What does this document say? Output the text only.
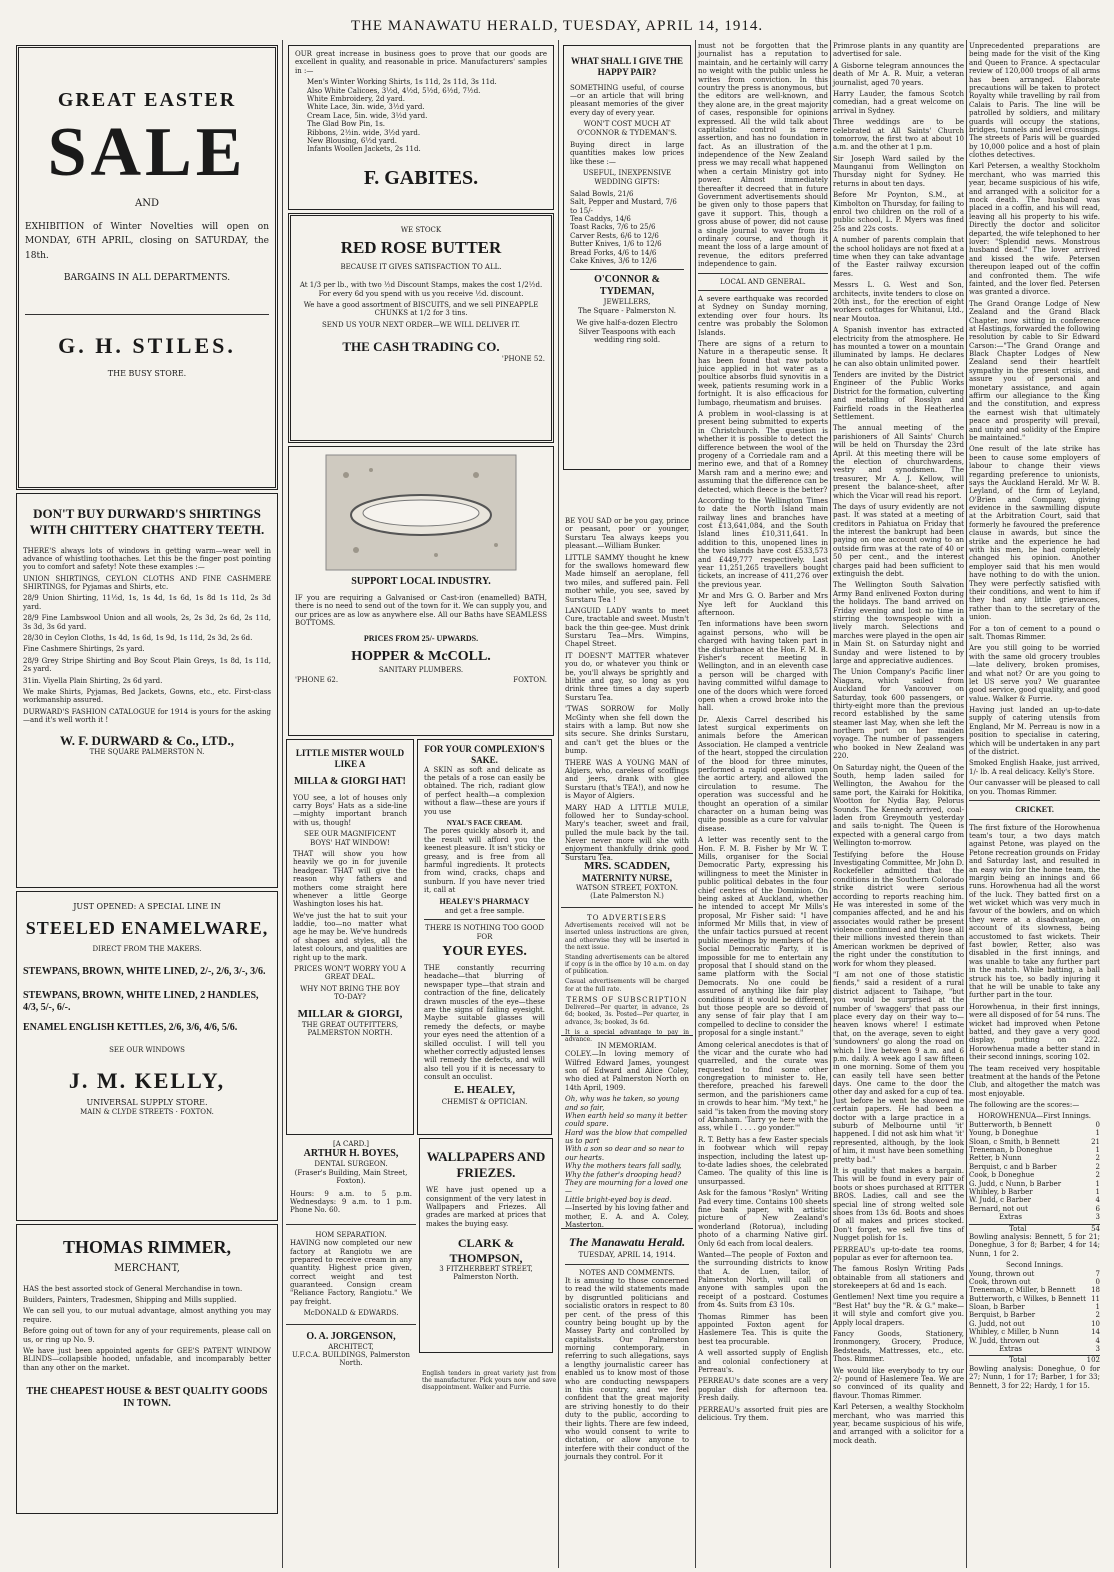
THE MANAWATU HERALD, TUESDAY, APRIL 14, 1914.
GREAT EASTER
SALE
AND

EXHIBITION of Winter Novelties will open on MONDAY, 6TH APRIL, closing on SATURDAY, the 18th.

BARGAINS IN ALL DEPARTMENTS.
G. H. STILES.
THE BUSY STORE.
DON'T BUY DURWARD'S SHIRTINGS WITH CHITTERY CHATTERY TEETH.

THERE'S always lots of windows in getting warm—wear well in advance of whistling toothaches. Let this be the finger post pointing you to comfort and safety! Note these examples :—

UNION SHIRTINGS, CEYLON CLOTHS AND FINE CASHMERE SHIRTINGS, for Pyjamas and Shirts, etc.

28/9 Union Shirting, 11½d, 1s, 1s 4d, 1s 6d, 1s 8d 1s 11d, 2s 3d yard.

28/9 Fine Lambswool Union and all wools, 2s, 2s 3d, 2s 6d, 2s 11d, 3s 3d, 3s 6d yard.

28/30 in Ceylon Cloths, 1s 4d, 1s 6d, 1s 9d, 1s 11d, 2s 3d, 2s 6d.

Fine Cashmere Shirtings, 2s yard.

28/9 Grey Stripe Shirting and Boy Scout Plain Greys, 1s 8d, 1s 11d, 2s yard.

31in. Viyella Plain Shirting, 2s 6d yard.

We make Shirts, Pyjamas, Bed Jackets, Gowns, etc., etc. First-class workmanship assured.

DURWARD'S FASHION CATALOGUE for 1914 is yours for the asking—and it's well worth it !

W. F. DURWARD & Co., LTD.,
THE SQUARE PALMERSTON N.
JUST OPENED: A SPECIAL LINE IN
STEELED ENAMELWARE,
DIRECT FROM THE MAKERS.
STEWPANS, BROWN, WHITE LINED, 2/-, 2/6, 3/-, 3/6.
STEWPANS, BROWN, WHITE LINED, 2 HANDLES, 4/3, 5/-, 6/-.
ENAMEL ENGLISH KETTLES, 2/6, 3/6, 4/6, 5/6.
SEE OUR WINDOWS
J. M. KELLY,
UNIVERSAL SUPPLY STORE.
MAIN & CLYDE STREETS · FOXTON.
THOMAS RIMMER,
MERCHANT,

HAS the best assorted stock of General Merchandise in town.

Builders, Painters, Tradesmen, Shipping and Mills supplied.

We can sell you, to our mutual advantage, almost anything you may require.

Before going out of town for any of your requirements, please call on us, or ring up No. 9.

We have just been appointed agents for GEE'S PATENT WINDOW BLINDS—collapsible hooded, unfadable, and incomparably better than any other on the market.

THE CHEAPEST HOUSE & BEST QUALITY GOODS IN TOWN.

OUR great increase in business goes to prove that our goods are excellent in quality, and reasonable in price. Manufacturers' samples in :—

Men's Winter Working Shirts, 1s 11d, 2s 11d, 3s 11d.
Also White Calicoes, 3½d, 4½d, 5½d, 6½d, 7½d.
White Embroidery, 2d yard.
White Lace, 3in. wide, 3½d yard.
Cream Lace, 5in. wide, 3½d yard.
The Glad Bow Pin, 1s.
Ribbons, 2½in. wide, 3½d yard.
New Blousing, 6½d yard.
Infants Woollen Jackets, 2s 11d.
F. GABITES.
WE STOCK
RED ROSE BUTTER
BECAUSE IT GIVES SATISFACTION TO ALL.

At 1/3 per lb., with two ½d Discount Stamps, makes the cost 1/2½d. For every 6d you spend with us you receive ½d. discount.

We have a good assortment of BISCUITS, and we sell PINEAPPLE CHUNKS at 1/2 for 3 tins.

SEND US YOUR NEXT ORDER—WE WILL DELIVER IT.

THE CASH TRADING CO.
'PHONE 52.
SUPPORT LOCAL INDUSTRY.

IF you are requiring a Galvanised or Cast-iron (enamelled) BATH, there is no need to send out of the town for it. We can supply you, and our prices are as low as anywhere else. All our Baths have SEAMLESS BOTTOMS.

PRICES FROM 25/- UPWARDS.
HOPPER & McCOLL.
SANITARY PLUMBERS.
'PHONE 62.	FOXTON.
LITTLE MISTER WOULD LIKE A
MILLA & GIORGI HAT!

YOU see, a lot of houses only carry Boys' Hats as a side-line—mighty important branch with us, though!

SEE OUR MAGNIFICENT BOYS' HAT WINDOW!

THAT will show you how heavily we go in for juvenile headgear. THAT will give the reason why fathers and mothers come straight here whenever a little George Washington loses his hat.

We've just the hat to suit your laddie, too—no matter what age he may be. We've hundreds of shapes and styles, all the latest colours, and qualities are right up to the mark.

PRICES WON'T WORRY YOU A GREAT DEAL.

WHY NOT BRING THE BOY TO-DAY?

MILLAR & GIORGI,
THE GREAT OUTFITTERS,
PALMERSTON NORTH.
FOR YOUR COMPLEXION'S SAKE.

A SKIN as soft and delicate as the petals of a rose can easily be obtained. The rich, radiant glow of perfect health—a complexion without a flaw—these are yours if you use

NYAL'S FACE CREAM.

The pores quickly absorb it, and the result will afford you the keenest pleasure. It isn't sticky or greasy, and is free from all harmful ingredients. It protects from wind, cracks, chaps and sunburn. If you have never tried it, call at

HEALEY'S PHARMACY
and get a free sample.
THERE IS NOTHING TOO GOOD FOR
YOUR EYES.

THE constantly recurring headache—that blurring of newspaper type—that strain and contraction of the fine, delicately drawn muscles of the eye—these are the signs of failing eyesight. Maybe suitable glasses will remedy the defects, or maybe your eyes need the attention of a skilled occulist. I will tell you whether correctly adjusted lenses will remedy the defects, and will also tell you if it is necessary to consult an occulist.

E. HEALEY,
CHEMIST & OPTICIAN.
[A CARD.]
ARTHUR H. BOYES,
DENTAL SURGEON.
(Fraser's Building, Main Street, Foxton).

Hours: 9 a.m. to 5 p.m. Wednesdays: 9 a.m. to 1 p.m. Phone No. 60.

HOM SEPARATION.

HAVING now completed our new factory at Rangiotu we are prepared to receive cream in any quantity. Highest price given, correct weight and test guaranteed. Consign cream "Reliance Factory, Rangiotu." We pay freight.

McDONALD & EDWARDS.
O. A. JORGENSON,
ARCHITECT,
U.F.C.A. BUILDINGS, Palmerston North.
WALLPAPERS AND FRIEZES.

WE have just opened up a consignment of the very latest in Wallpapers and Friezes. All grades are marked at prices that makes the buying easy.

CLARK & THOMPSON,
3 FITZHERBERT STREET, Palmerston North.

English tenders in great variety just from the manufacturer. Pick yours now and save disappointment. Walker and Furrie.

WHAT SHALL I GIVE THE HAPPY PAIR?

SOMETHING useful, of course—or an article that will bring pleasant memories of the giver every day of every year.

WON'T COST MUCH AT O'CONNOR & TYDEMAN'S.

Buying direct in large quantities makes low prices like these :—

USEFUL, INEXPENSIVE WEDDING GIFTS:
Salad Bowls, 21/6
Salt, Pepper and Mustard, 7/6 to 15/-
Tea Caddys, 14/6
Toast Racks, 7/6 to 25/6
Carver Rests, 6/6 to 12/6
Butter Knives, 1/6 to 12/6
Bread Forks, 4/6 to 14/6
Cake Knives, 3/6 to 12/6
O'CONNOR & TYDEMAN,
JEWELLERS,
The Square - Palmerston N.

We give half-a-dozen Electro Silver Teaspoons with each wedding ring sold.

BE YOU SAD or be you gay, prince or peasant, poor or younger, Surstaru Tea always keeps you pleasant.—William Bunker.

LITTLE SAMMY thought he knew for the swallows homeward flew Made himself an aeroplane, fell two miles, and suffered pain. Fell mother while, you see, saved by Surstaru Tea !

LANGUID LADY wants to meet Cure, tractable and sweet. Mustn't back the thin gee-gee. Must drink Surstaru Tea—Mrs. Wimpins, Chapel Street.

IT DOESN'T MATTER whatever you do, or whatever you think or be, you'll always be sprightly and blithe and gay, so long as you drink three times a day superb Surstaru Tea.

'TWAS SORROW for Molly McGinty when she fell down the stairs with a lamp. But now she sits secure. She drinks Surstaru, and can't get the blues or the bump.

THERE WAS A YOUNG MAN of Algiers, who, careless of scoffings and jeers, drank with glee Surstaru (that's TEA!), and now he is Mayor of Algiers.

MARY HAD A LITTLE MULE, followed her to Sunday-school. Mary's teacher, sweet and frail, pulled the mule back by the tail. Never never more will she with enjoyment thankfully drink good Surstaru Tea.

MRS. SCADDEN,
MATERNITY NURSE,
WATSON STREET, FOXTON.
(Late Palmerston N.)
TO ADVERTISERS

Advertisements received will not be inserted unless instructions are given, and otherwise they will be inserted in the next issue.

Standing advertisements can be altered if copy is in the office by 10 a.m. on day of publication.

Casual advertisements will be charged for at the full rate.

TERMS OF SUBSCRIPTION

Delivered—Per quarter, in advance, 2s 6d; booked, 3s. Posted—Per quarter, in advance, 3s; booked, 3s 6d.

It is a special advantage to pay in advance.

IN MEMORIAM.

COLEY.—In loving memory of Wilfred Edward James, youngest son of Edward and Alice Coley, who died at Palmerston North on 14th April, 1909.

Oh, why was he taken, so young and so fair,
When earth held so many it better could spare.
Hard was the blow that compelled us to part
With a son so dear and so near to our hearts.
Why the mothers tears fall sadly,
Why the father's drooping head?
They are mourning for a loved one—
Little bright-eyed boy is dead.

—Inserted by his loving father and mother, E. A. and A. Coley, Masterton.

The Manawatu Herald.
TUESDAY, APRIL 14, 1914.
NOTES AND COMMENTS.

It is amusing to those concerned to read the wild statements made by disgruntled politicians and socialistic orators in respect to 80 per cent. of the press of this country being bought up by the Massey Party and controlled by capitalists. Our Palmerston morning contemporary, in referring to such allegations, says a lengthy journalistic career has enabled us to know most of those who are conducting newspapers in this country, and we feel confident that the great majority are striving honestly to do their duty to the public, according to their lights. There are few indeed, who would consent to write to dictation, or allow anyone to interfere with their conduct of the journals they control. For it

must not be forgotten that the journalist has a reputation to maintain, and he certainly will carry no weight with the public unless he writes from conviction. In this country the press is anonymous, but the editors are well-known, and they alone are, in the great majority of cases, responsible for opinions expressed. All the wild talk about capitalistic control is mere assertion, and has no foundation in fact. As an illustration of the independence of the New Zealand press we may recall what happened when a certain Ministry got into power. Almost immediately thereafter it decreed that in future Government advertisements should be given only to those papers that gave it support. This, though a gross abuse of power, did not cause a single journal to waver from its ordinary course, and though it meant the loss of a large amount of revenue, the editors preferred independence to gain.

LOCAL AND GENERAL.

A severe earthquake was recorded at Sydney on Sunday morning, extending over four hours. Its centre was probably the Solomon Islands.

There are signs of a return to Nature in a therapeutic sense. It has been found that raw potato juice applied in hot water as a poultice absorbs fluid synovitis in a week, patients resuming work in a fortnight. It is also efficacious for lumbago, rheumatism and bruises.

A problem in wool-classing is at present being submitted to experts in Christchurch. The question is whether it is possible to detect the difference between the wool of the progeny of a Corriedale ram and a merino ewe, and that of a Romney Marsh ram and a merino ewe; and assuming that the difference can be detected, which fleece is the better?

According to the Wellington Times to date the North Island main railway lines and branches have cost £13,641,084, and the South Island lines £10,311,641. In addition to this, unopened lines in the two islands have cost £533,573 and £449,777 respectively. Last year 11,251,265 travellers bought tickets, an increase of 411,276 over the previous year.

Mr and Mrs G. O. Barber and Mrs Nye left for Auckland this afternoon.

Ten informations have been sworn against persons, who will be charged with having taken part in the disturbance at the Hon. F. M. B. Fisher's recent meeting in Wellington, and in an eleventh case a person will be charged with having committed wilful damage to one of the doors which were forced open when a crowd broke into the hall.

Dr. Alexis Carrel described his latest surgical experiments on animals before the American Association. He clamped a ventricle of the heart, stopped the circulation of the blood for three minutes, performed a rapid operation upon the aortic artery, and allowed the circulation to resume. The operation was successful and he thought an operation of a similar character on a human being was quite possible as a cure for valvular disease.

A letter was recently sent to the Hon. F. M. B. Fisher by Mr W. T. Mills, organiser for the Social Democratic Party, expressing his willingness to meet the Minister in public political debates in the four chief centres of the Dominion. On being asked at Auckland, whether he intended to accept Mr Mills's proposal, Mr Fisher said: "I have informed Mr Mills that, in view of the unfair tactics pursued at recent public meetings by members of the Social Democratic Party, it is impossible for me to entertain any proposal that I should stand on the same platform with the Social Democrats. No one could be assured of anything like fair play conditions if it would be different, but those people are so devoid of any sense of fair play that I am compelled to decline to consider the proposal for a single instant."

Among celerical anecdotes is that of the vicar and the curate who had quarrelled, and the curate was requested to find some other congregation to minister to. He, therefore, preached his farewell sermon, and the parishioners came in crowds to hear him. "My text," he said "is taken from the moving story of Abraham. 'Tarry ye here with the ass, while I . . . . go yonder.'"

R. T. Betty has a few Easter specials in footwear which will repay inspection, including the latest up-to-date ladies shoes, the celebrated Cameo. The quality of this line is unsurpassed.

Ask for the famous "Roslyn" Writing Pad every time. Contains 100 sheets fine bank paper, with artistic picture of New Zealand's wonderland (Rotorua), including photo of a charming Native girl. Only 6d each from local dealers.

Wanted—The people of Foxton and the surrounding districts to know that A. de Luen, tailor, of Palmerston North, will call on anyone with samples upon the receipt of a postcard. Costumes from 4s. Suits from £3 10s.

Thomas Rimmer has been appointed Foxton agent for Haslemere Tea. This is quite the best tea procurable.

A well assorted supply of English and colonial confectionery at Perreau's.

PERREAU's date scones are a very popular dish for afternoon tea. Fresh daily.

PERREAU's assorted fruit pies are delicious. Try them.

Primrose plants in any quantity are advertised for sale.

A Gisborne telegram announces the death of Mr A. R. Muir, a veteran journalist, aged 70 years.

Harry Lauder, the famous Scotch comedian, had a great welcome on arrival in Sydney.

Three weddings are to be celebrated at All Saints' Church tomorrow, the first two at about 10 a.m. and the other at 1 p.m.

Sir Joseph Ward sailed by the Maunganui from Wellington on Thursday night for Sydney. He returns in about ten days.

Before Mr Poynton, S.M., at Kimbolton on Thursday, for failing to enrol two children on the roll of a public school, L. P. Myers was fined 25s and 22s costs.

A number of parents complain that the school holidays are not fixed at a time when they can take advantage of the Easter railway excursion fares.

Messrs L. G. West and Son, architects, invite tenders to close on 20th inst., for the erection of eight workers cottages for Whitanui, Ltd., near Moutoa.

A Spanish inventor has extracted electricity from the atmosphere. He has mounted a tower on a mountain illuminated by lamps. He declares he can also obtain unlimited power.

Tenders are invited by the District Engineer of the Public Works District for the formation, culverting and metalling of Rosslyn and Fairfield roads in the Heatherlea Settlement.

The annual meeting of the parishioners of All Saints' Church will be held on Thursday the 23rd April. At this meeting there will be the election of churchwardens, vestry and synodsmen. The treasurer, Mr A. J. Kellow, will present the balance-sheet, after which the Vicar will read his report.

The days of usury evidently are not past. It was stated at a meeting of creditors in Pahiatua on Friday that the interest the bankrupt had been paying on one account owing to an outside firm was at the rate of 40 or 50 per cent., and the interest charges paid had been sufficient to extinguish the debt.

The Wellington South Salvation Army Band enlivened Foxton during the holidays. The band arrived on Friday evening and lost no time in stirring the townspeople with a lively march. Selections and marches were played in the open air in Main St. on Saturday night and Sunday and were listened to by large and appreciative audiences.

The Union Company's Pacific liner Niagara, which sailed from Auckland for Vancouver on Saturday, took 600 passengers, or thirty-eight more than the previous record established by the same steamer last May, when she left the northern port on her maiden voyage. The number of passengers who booked in New Zealand was 220.

On Saturday night, the Queen of the South, hemp laden sailed for Wellington, the Awahou for the same port, the Kairaki for Hokitika, Wootton for Nydia Bay, Pelorus Sounds. The Kennedy arrived, coal-laden from Greymouth yesterday and sails to-night. The Queen is expected with a general cargo from Wellington to-morrow.

Testifying before the House Investigating Committee, Mr John D. Rockefeller admitted that the conditions in the Southern Colorado strike district were serious according to reports reaching him. He was interested in some of the companies affected, and he and his associates would rather be present violence continued and they lose all their millions invested therein than American workmen be deprived of the right under the constitution to work for whom they pleased.

"I am not one of those statistic fiends," said a resident of a rural district adjacent to Taihape, "but you would be surprised at the number of 'swaggers' that pass our place every day on their way to—heaven knows where! I estimate that, on the average, seven to eight 'sundowners' go along the road on which I live between 9 a.m. and 6 p.m. daily. A week ago I saw fifteen in one morning. Some of them you can easily tell have seen better days. One came to the door the other day and asked for a cup of tea. Just before he went he showed me certain papers. He had been a doctor with a large practice in a suburb of Melbourne until 'it' happened. I did not ask him what 'it' represented, although, by the look of him, it must have been something pretty bad."

It is quality that makes a bargain. This will be found in every pair of boots or shoes purchased at RITTER BROS. Ladies, call and see the special line of strong welted sole shoes from 13s 6d. Boots and shoes of all makes and prices stocked. Don't forget, we sell five tins of Nugget polish for 1s.

PERREAU's up-to-date tea rooms, popular as ever for afternoon tea.

The famous Roslyn Writing Pads obtainable from all stationers and storekeepers at 6d and 1s each.

Gentlemen! Next time you require a "Best Hat" buy the "R. & G." make—it will style and comfort give you. Apply local drapers.

Fancy Goods, Stationery, Ironmongery, Grocery, Produce, Bedsteads, Mattresses, etc., etc. Thos. Rimmer.

We would like everybody to try our 2/- pound of Haslemere Tea. We are so convinced of its quality and flavour. Thomas Rimmer.

Karl Petersen, a wealthy Stockholm merchant, who was married this year, became suspicious of his wife, and arranged with a solicitor for a mock death.

Unprecedented preparations are being made for the visit of the King and Queen to France. A spectacular review of 120,000 troops of all arms has been arranged. Elaborate precautions will be taken to protect Royalty while travelling by rail from Calais to Paris. The line will be patrolled by soldiers, and military guards will occupy the stations, bridges, tunnels and level crossings. The streets of Paris will be guarded by 10,000 police and a host of plain clothes detectives.

Karl Petersen, a wealthy Stockholm merchant, who was married this year, became suspicious of his wife, and arranged with a solicitor for a mock death. The husband was placed in a coffin, and his will read, leaving all his property to his wife. Directly the doctor and solicitor departed, the wife telephoned to her lover: "Splendid news. Monstrous husband dead." The lover arrived and kissed the wife. Petersen thereupon leaped out of the coffin and confronted them. The wife fainted, and the lover fled. Petersen was granted a divorce.

The Grand Orange Lodge of New Zealand and the Grand Black Chapter, now sitting in conference at Hastings, forwarded the following resolution by cable to Sir Edward Carson:—"The Grand Orange and Black Chapter Lodges of New Zealand send their heartfelt sympathy in the present crisis, and assure you of personal and monetary assistance, and again affirm our allegiance to the King and the constitution, and express the earnest wish that ultimately peace and prosperity will prevail, and unity and solidity of the Empire be maintained."

One result of the late strike has been to cause some employers of labour to change their views regarding preference to unionists, says the Auckland Herald. Mr W. B. Leyland, of the firm of Leyland, O'Brien and Company, giving evidence in the sawmilling dispute at the Arbitration Court, said that formerly he favoured the preference clause in awards, but since the strike and the experience he had with his men, he had completely changed his opinion. Another employer said that his men would have nothing to do with the union. They were perfectly satisfied with their conditions, and went to him if they had any little grievances, rather than to the secretary of the union.

For a ton of cement to a pound o salt. Thomas Rimmer.

Are you still going to be worried with the same old grocery troubles—late delivery, broken promises, and what not? Or are you going to let US serve you? We guarantee good service, good quality, and good value. Walker & Furrie.

Having just landed an up-to-date supply of catering utensils from England, Mr M. Perreau is now in a position to specialise in catering, which will be undertaken in any part of the district.

Smoked English Haake, just arrived, 1/- lb. A real delicacy. Kelly's Store.

Our canvasser will be pleased to call on you. Thomas Rimmer.

CRICKET.

The first fixture of the Horowhenua team's tour, a two days match against Petone, was played on the Petone recreation grounds on Friday and Saturday last, and resulted in an easy win for the home team, the margin being an innings and 66 runs. Horowhenua had all the worst of the luck. They batted first on a wet wicket which was very much in favour of the bowlers, and on which they were at a disadvantage, on account of its slowness, being accustomed to fast wickets. Their fast bowler, Retter, also was disabled in the first innings, and was unable to take any further part in the match. While batting, a ball struck his toe, so badly injuring it that he will be unable to take any further part in the tour.

Horowhenua, in their first innings, were all disposed of for 54 runs. The wicket had improved when Petone batted, and they gave a very good display, putting on 222. Horowhenua made a better stand in their second innings, scoring 102.

The team received very hospitable treatment at the hands of the Petone Club, and altogether the match was most enjoyable.

The following are the scores:—

HOROWHENUA—First Innings.
Butterworth, b Bennett	0
Young, b Doneghue	1
Sloan, c Smith, b Bennett	21
Treneman, b Doneghue	1
Retter, b Nunn	2
Berquist, c and b Barber	2
Cook, b Doneghue	2
G. Judd, c Nunn, b Barber	1
Whibley, b Barber	1
W. Judd, c Barber	4
Bernard, not out	6
Extras	3
Total	54

Bowling analysis: Bennett, 5 for 21; Doneghue, 3 for 8; Barber, 4 for 14; Nunn, 1 for 2.

Second Innings.
Young, thrown out	7
Cook, thrown out	0
Treneman, c Miller, b Bennett 18
Butterworth, c Wilkes, b Bennett 11
Sloan, b Barber	1
Berquist, b Barber	2
G. Judd, not out	10
Whibley, c Miller, b Nunn	14
W. Judd, thrown out	4
Extras	3
Total	102

Bowling analysis: Doneghue, 0 for 27; Nunn, 1 for 17; Barber, 1 for 33; Bennett, 3 for 22; Hardy, 1 for 15.
